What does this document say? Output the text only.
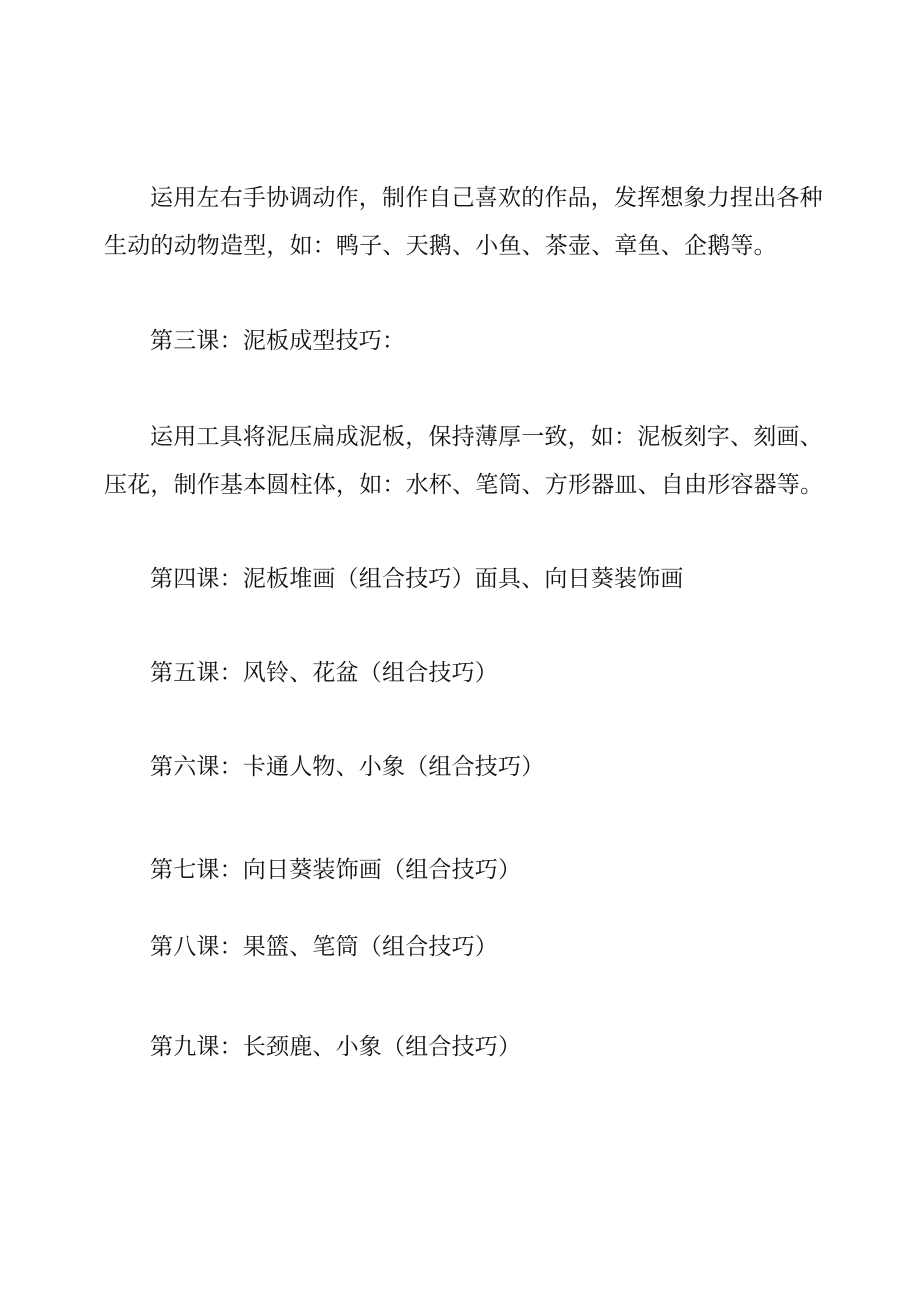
运用左右手协调动作，制作自己喜欢的作品，发挥想象力捏出各种生动的动物造型，如：鸭子、天鹅、小鱼、茶壶、章鱼、企鹅等。

第三课：泥板成型技巧：

运用工具将泥压扁成泥板，保持薄厚一致，如：泥板刻字、刻画、压花，制作基本圆柱体，如：水杯、笔筒、方形器皿、自由形容器等。

第四课：泥板堆画（组合技巧）面具、向日葵装饰画

第五课：风铃、花盆（组合技巧）

第六课：卡通人物、小象（组合技巧）

第七课：向日葵装饰画（组合技巧）

第八课：果篮、笔筒（组合技巧）

第九课：长颈鹿、小象（组合技巧）
